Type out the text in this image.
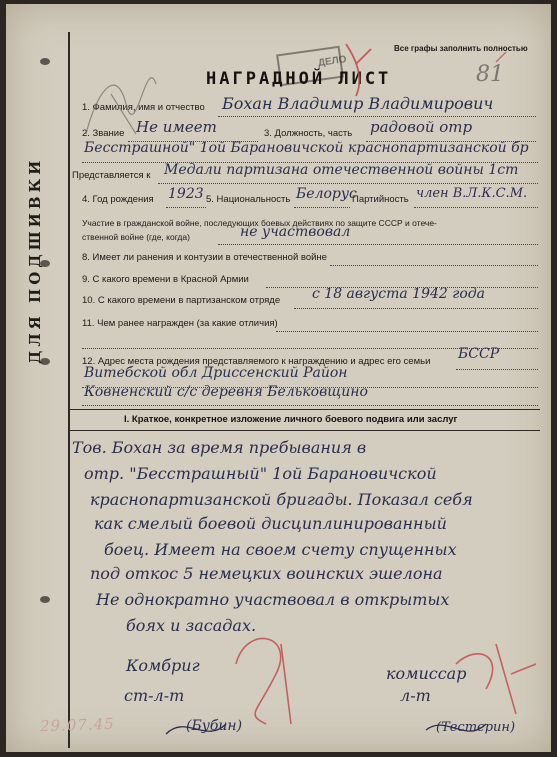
ДЛЯ ПОДШИВКИ
Все графы заполнить полностью
ДЕЛО
НАГРАДНОЙ ЛИСТ	81
1. Фамилия, имя и отчество Бохан Владимир Владимирович
2. Звание Не имеет	3. Должность, часть радовой отр
Бесстрашной" 1ой Барановичской краснопартизанской бр
Представляется к Медали партизана отечественной войны 1ст
4. Год рождения 1923 5. Национальность Белорус
Партийность член В.Л.К.С.М.
Участие в гражданской войне, последующих боевых действиях по защите СССР и отече-
ственной войне (где, когда)	не участвовал
8. Имеет ли ранения и контузии в отечественной войне
9. С какого времени в Красной Армии
10. С какого времени в партизанском отряде с 18 августа 1942 года
11. Чем ранее награжден (за какие отличия)
12. Адрес места рождения представляемого к награждению и адрес его семьи БССР
Витебской обл Дриссенский Район
Ковненский с/с деревня Бельковщино
I. Краткое, конкретное изложение личного боевого подвига или заслуг
Тов. Бохан за время пребывания в
отр. "Бесстрашный" 1ой Барановичской
краснопартизанской бригады. Показал себя
как смелый боевой дисциплинированный
боец. Имеет на своем счету спущенных
под откос 5 немецких воинских эшелона
Не однократно участвовал в открытых
боях и засадах.
Комбриг
ст-л-т
(Бубин)
комиссар
л-т
(Тестерин)
29.07.45
